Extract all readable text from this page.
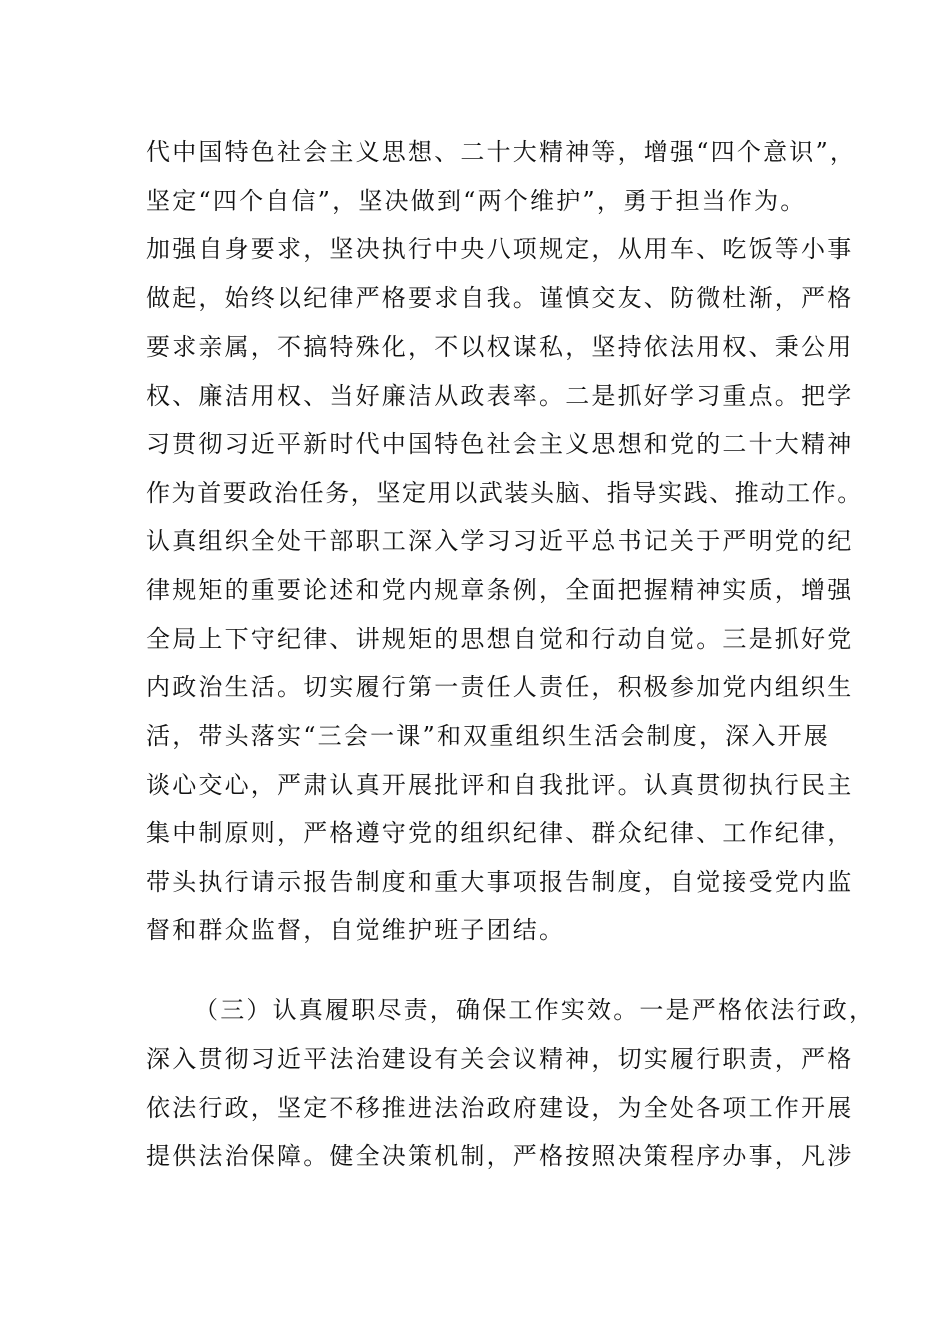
代中国特色社会主义思想、二十大精神等，增强“四个意识”，
坚定“四个自信”，坚决做到“两个维护”，勇于担当作为。
加强自身要求，坚决执行中央八项规定，从用车、吃饭等小事
做起，始终以纪律严格要求自我。谨慎交友、防微杜渐，严格
要求亲属，不搞特殊化，不以权谋私，坚持依法用权、秉公用
权、廉洁用权、当好廉洁从政表率。二是抓好学习重点。把学
习贯彻习近平新时代中国特色社会主义思想和党的二十大精神
作为首要政治任务，坚定用以武装头脑、指导实践、推动工作。
认真组织全处干部职工深入学习习近平总书记关于严明党的纪
律规矩的重要论述和党内规章条例，全面把握精神实质，增强
全局上下守纪律、讲规矩的思想自觉和行动自觉。三是抓好党
内政治生活。切实履行第一责任人责任，积极参加党内组织生
活，带头落实“三会一课”和双重组织生活会制度，深入开展
谈心交心，严肃认真开展批评和自我批评。认真贯彻执行民主
集中制原则，严格遵守党的组织纪律、群众纪律、工作纪律，
带头执行请示报告制度和重大事项报告制度，自觉接受党内监
督和群众监督，自觉维护班子团结。
（三）认真履职尽责，确保工作实效。一是严格依法行政，
深入贯彻习近平法治建设有关会议精神，切实履行职责，严格
依法行政，坚定不移推进法治政府建设，为全处各项工作开展
提供法治保障。健全决策机制，严格按照决策程序办事，凡涉
